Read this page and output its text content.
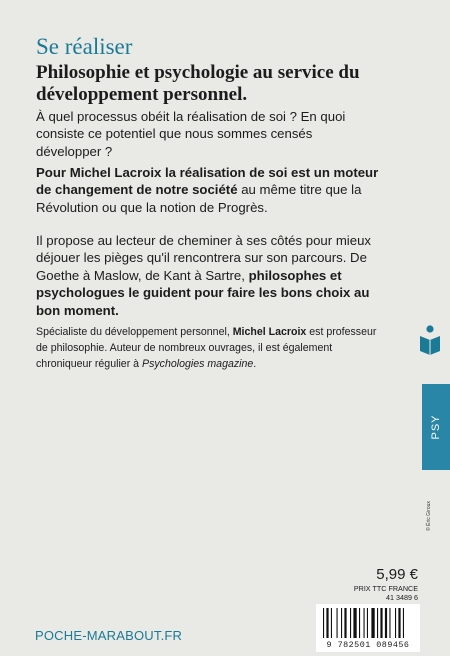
Se réaliser
Philosophie et psychologie au service du développement personnel.

À quel processus obéit la réalisation de soi ? En quoi consiste ce potentiel que nous sommes censés développer ?

Pour Michel Lacroix la réalisation de soi est un moteur de changement de notre société au même titre que la Révolution ou que la notion de Progrès.

Il propose au lecteur de cheminer à ses côtés pour mieux déjouer les pièges qu'il rencontrera sur son parcours. De Goethe à Maslow, de Kant à Sartre, philosophes et psychologues le guident pour faire les bons choix au bon moment.

Spécialiste du développement personnel, Michel Lacroix est professeur de philosophie. Auteur de nombreux ouvrages, il est également chroniqueur régulier à Psychologies magazine.

PSY
© Éric Giroux
5,99 €
PRIX TTC FRANCE
41 3489 6
9 782501 089456
POCHE-MARABOUT.FR
